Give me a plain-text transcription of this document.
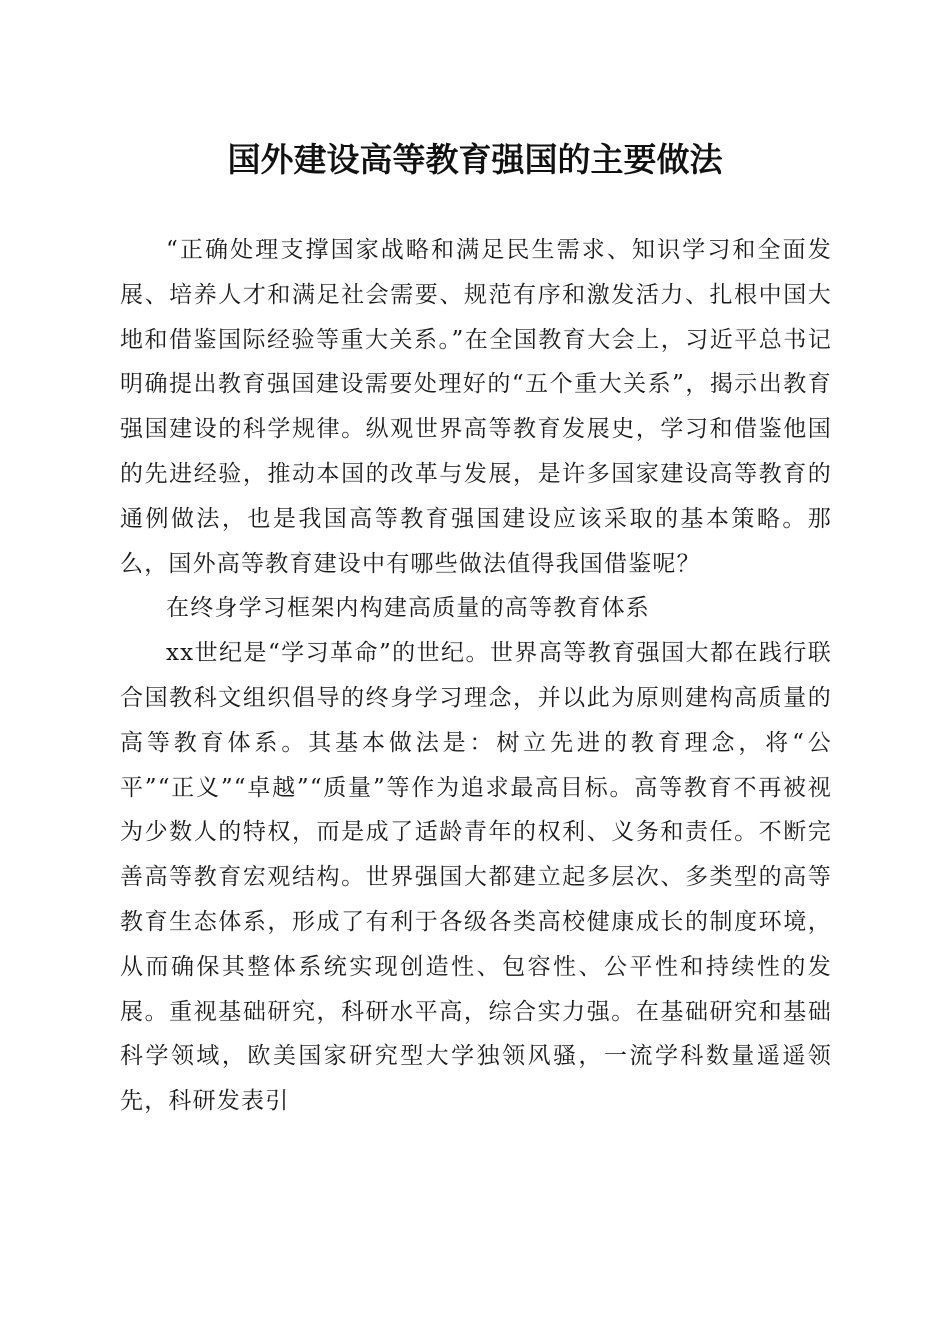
国外建设高等教育强国的主要做法

“正确处理支撑国家战略和满足民生需求、知识学习和全面发展、培养人才和满足社会需要、规范有序和激发活力、扎根中国大地和借鉴国际经验等重大关系。”在全国教育大会上，习近平总书记明确提出教育强国建设需要处理好的“五个重大关系”，揭示出教育强国建设的科学规律。纵观世界高等教育发展史，学习和借鉴他国的先进经验，推动本国的改革与发展，是许多国家建设高等教育的通例做法，也是我国高等教育强国建设应该采取的基本策略。那么，国外高等教育建设中有哪些做法值得我国借鉴呢？

在终身学习框架内构建高质量的高等教育体系

xx世纪是“学习革命”的世纪。世界高等教育强国大都在践行联合国教科文组织倡导的终身学习理念，并以此为原则建构高质量的高等教育体系。其基本做法是：树立先进的教育理念，将“公平”“正义”“卓越”“质量”等作为追求最高目标。高等教育不再被视为少数人的特权，而是成了适龄青年的权利、义务和责任。不断完善高等教育宏观结构。世界强国大都建立起多层次、多类型的高等教育生态体系，形成了有利于各级各类高校健康成长的制度环境，从而确保其整体系统实现创造性、包容性、公平性和持续性的发展。重视基础研究，科研水平高，综合实力强。在基础研究和基础科学领域，欧美国家研究型大学独领风骚，一流学科数量遥遥领先，科研发表引
